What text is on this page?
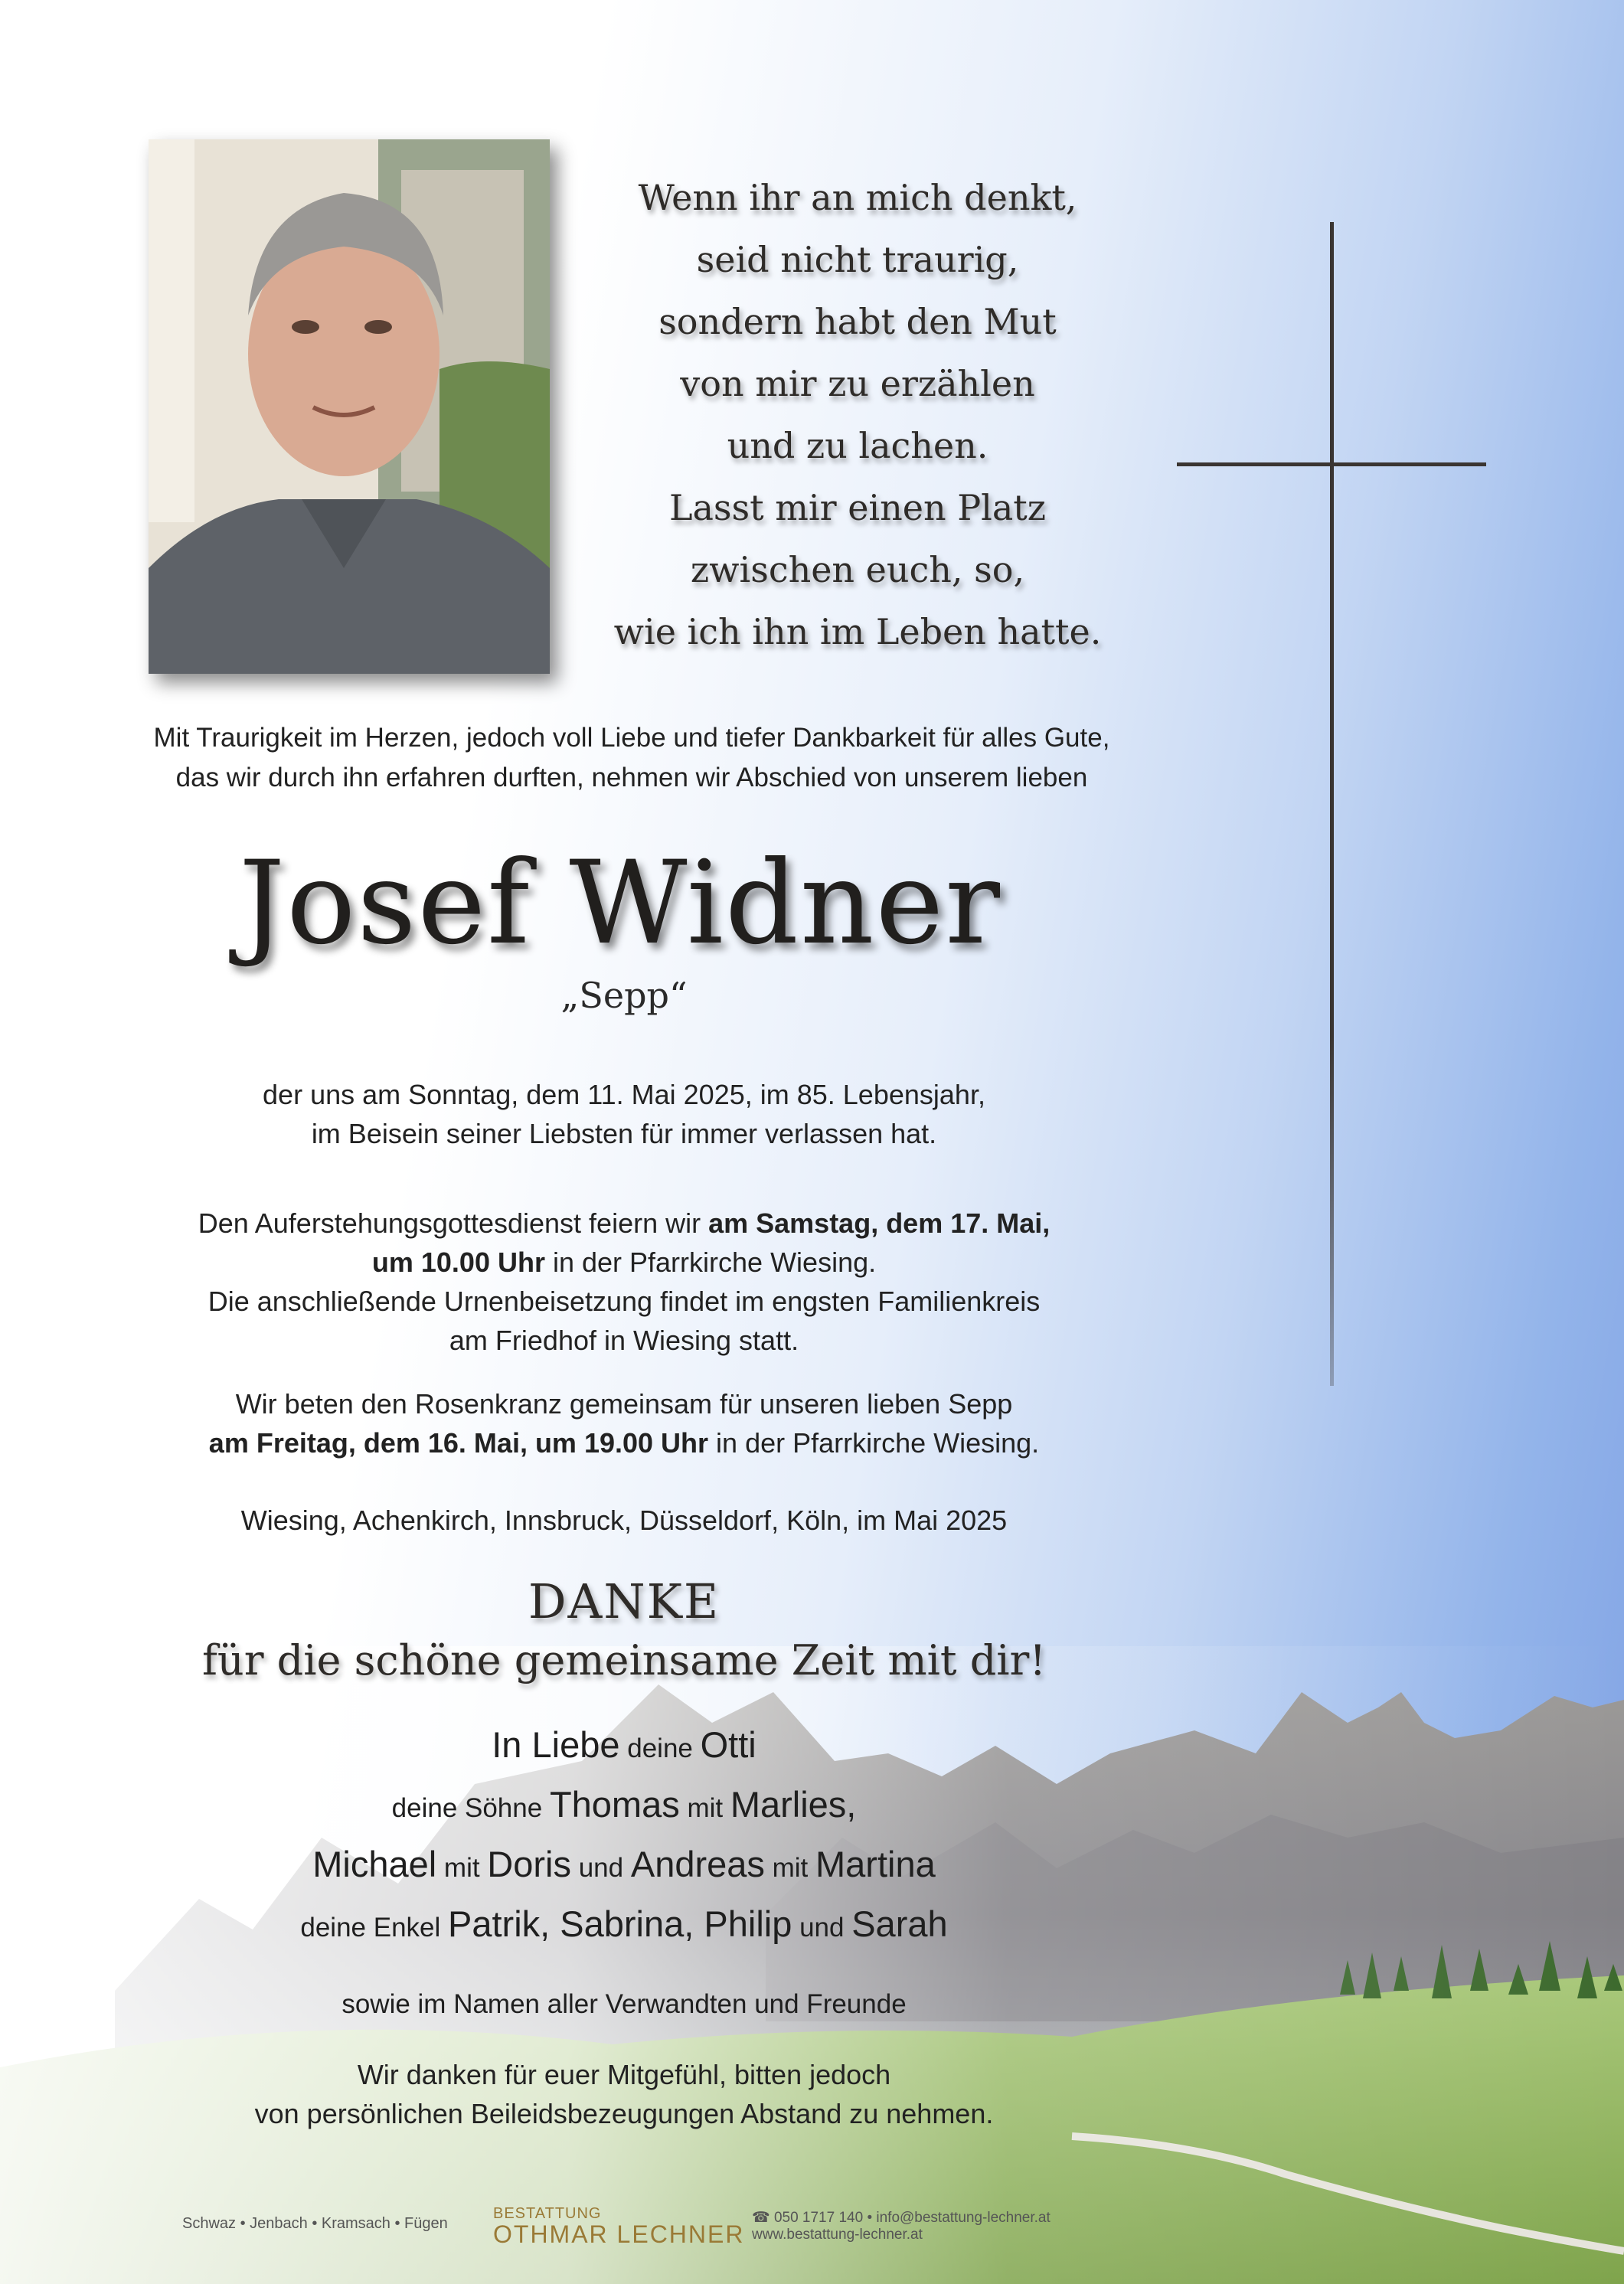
Wenn ihr an mich denkt,
seid nicht traurig,
sondern habt den Mut
von mir zu erzählen
und zu lachen.
Lasst mir einen Platz
zwischen euch, so,
wie ich ihn im Leben hatte.
Mit Traurigkeit im Herzen, jedoch voll Liebe und tiefer Dankbarkeit für alles Gute,
das wir durch ihn erfahren durften, nehmen wir Abschied von unserem lieben
Josef Widner
„Sepp“
der uns am Sonntag, dem 11. Mai 2025, im 85. Lebensjahr,
im Beisein seiner Liebsten für immer verlassen hat.
Den Auferstehungsgottesdienst feiern wir am Samstag, dem 17. Mai,
um 10.00 Uhr in der Pfarrkirche Wiesing.
Die anschließende Urnenbeisetzung findet im engsten Familienkreis
am Friedhof in Wiesing statt.
Wir beten den Rosenkranz gemeinsam für unseren lieben Sepp
am Freitag, dem 16. Mai, um 19.00 Uhr in der Pfarrkirche Wiesing.
Wiesing, Achenkirch, Innsbruck, Düsseldorf, Köln, im Mai 2025
DANKE
für die schöne gemeinsame Zeit mit dir!
In Liebe deine Otti
deine Söhne Thomas mit Marlies,
Michael mit Doris und Andreas mit Martina
deine Enkel Patrik, Sabrina, Philip und Sarah
sowie im Namen aller Verwandten und Freunde
Wir danken für euer Mitgefühl, bitten jedoch
von persönlichen Beileidsbezeugungen Abstand zu nehmen.
Schwaz • Jenbach • Kramsach • Fügen
BESTATTUNG
OTHMAR LECHNER
☎ 050 1717 140 • info@bestattung-lechner.at
www.bestattung-lechner.at
